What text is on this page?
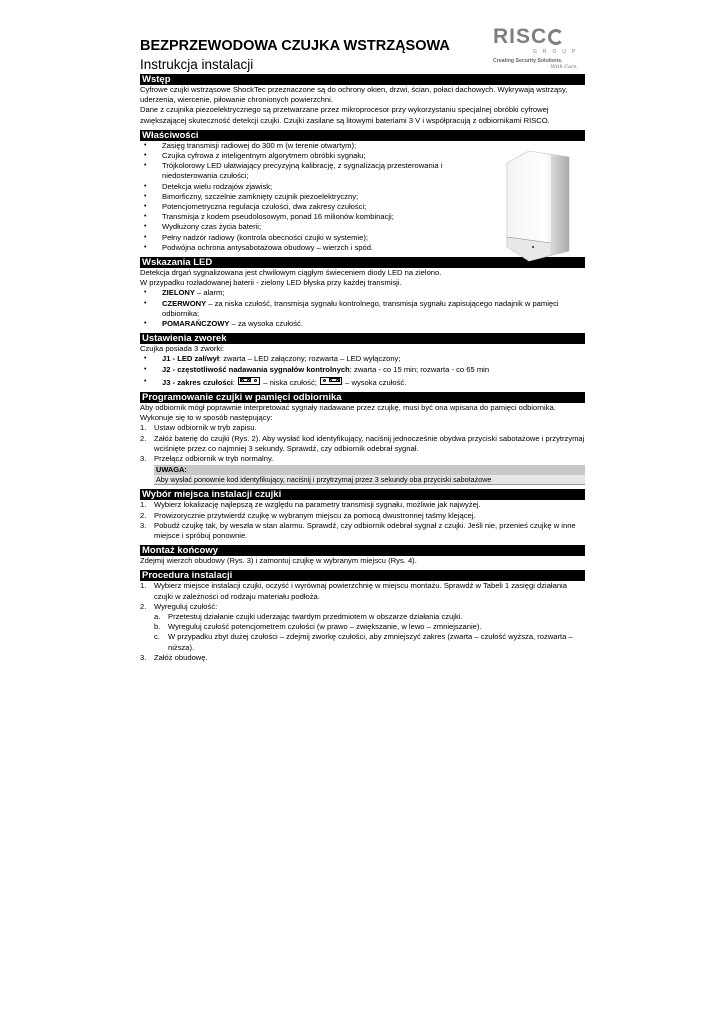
RISC
GROUP
Creating Security Solutions.
With Care.
BEZPRZEWODOWA CZUJKA WSTRZĄSOWA
Instrukcja instalacji
Wstęp

Cyfrowe czujki wstrząsowe ShockTec przeznaczone są do ochrony okien, drzwi, ścian, połaci dachowych. Wykrywają wstrząsy, uderzenia, wiercenie, piłowanie chronionych powierzchni.

Dane z czujnika piezoelektrycznego są przetwarzane przez mikroprocesor przy wykorzystaniu specjalnej obróbki cyfrowej zwiększającej skuteczność detekcji czujki. Czujki zasilane są litowymi bateriami 3 V i współpracują z odbiornikami RISCO.

Właściwości
• Zasięg transmisji radiowej do 300 m (w terenie otwartym);
• Czujka cyfrowa z inteligentnym algorytmem obróbki sygnału;
• Trójkolorowy LED ułatwiający precyzyjną kalibrację, z sygnalizacją przesterowania i niedosterowania czułości;
• Detekcja wielu rodzajów zjawisk;
• Bimorficzny, szczelnie zamknięty czujnik piezoelektryczny;
• Potencjometryczna regulacja czułości, dwa zakresy czułości;
• Transmisja z kodem pseudolosowym, ponad 16 milionów kombinacji;
• Wydłużony czas życia baterii;
• Pełny nadzór radiowy (kontrola obecności czujki w systemie);
• Podwójna ochrona antysabotażowa obudowy – wierzch i spód.
Wskazania LED

Detekcja drgań sygnalizowana jest chwilowym ciągłym świeceniem diody LED na zielono.

W przypadku rozładowanej baterii - zielony LED błyska przy każdej transmisji.

• ZIELONY – alarm;
• CZERWONY – za niska czułość, transmisja sygnału kontrolnego, transmisja sygnału zapisującego nadajnik w pamięci odbiornika;
• POMARAŃCZOWY – za wysoka czułość.
Ustawienia zworek

Czujka posiada 3 zworki:

• J1 - LED zał/wył: zwarta – LED załączony; rozwarta – LED wyłączony;
• J2 - częstotliwość nadawania sygnałów kontrolnych: zwarta - co 15 min; rozwarta - co 65 min
• J3 - zakres czułości:	– niska czułość;	– wysoka czułość.
Programowanie czujki w pamięci odbiornika

Aby odbiornik mógł poprawnie interpretować sygnały nadawane przez czujkę, musi być ona wpisana do pamięci odbiornika. Wykonuje się to w sposób następujący:

1. Ustaw odbiornik w tryb zapisu.
2. Załóż baterię do czujki (Rys. 2). Aby wysłać kod identyfikujący, naciśnij jednocześnie obydwa przyciski sabotażowe i przytrzymaj wciśnięte przez co najmniej 3 sekundy. Sprawdź, czy odbiornik odebrał sygnał.
3. Przełącz odbiornik w tryb normalny.
UWAGA:
Aby wysłać ponownie kod identyfikujący, naciśnij i przytrzymaj przez 3 sekundy oba przyciski sabotażowe
Wybór miejsca instalacji czujki
1. Wybierz lokalizację najlepszą ze względu na parametry transmisji sygnału, możliwie jak najwyżej.
2. Prowizorycznie przytwierdź czujkę w wybranym miejscu za pomocą dwustronnej taśmy klejącej.
3. Pobudź czujkę tak, by weszła w stan alarmu. Sprawdź, czy odbiornik odebrał sygnał z czujki. Jeśli nie, przenieś czujkę w inne miejsce i spróbuj ponownie.
Montaż końcowy

Zdejmij wierzch obudowy (Rys. 3) i zamontuj czujkę w wybranym miejscu (Rys. 4).

Procedura instalacji
1. Wybierz miejsce instalacji czujki, oczyść i wyrównaj powierzchnię w miejscu montażu. Sprawdź w Tabeli 1 zasięgi działania czujki w zależności od rodzaju materiału podłoża.
2. Wyreguluj czułość:
a. Przetestuj działanie czujki uderzając twardym przedmiotem w obszarze działania czujki.
b. Wyreguluj czułość potencjometrem czułości (w prawo – zwiększanie, w lewo – zmniejszanie).
c. W przypadku zbyt dużej czułości – zdejmij zworkę czułości, aby zmniejszyć zakres (zwarta – czułość wyższa, rozwarta – niższa).
3. Załóż obudowę.
